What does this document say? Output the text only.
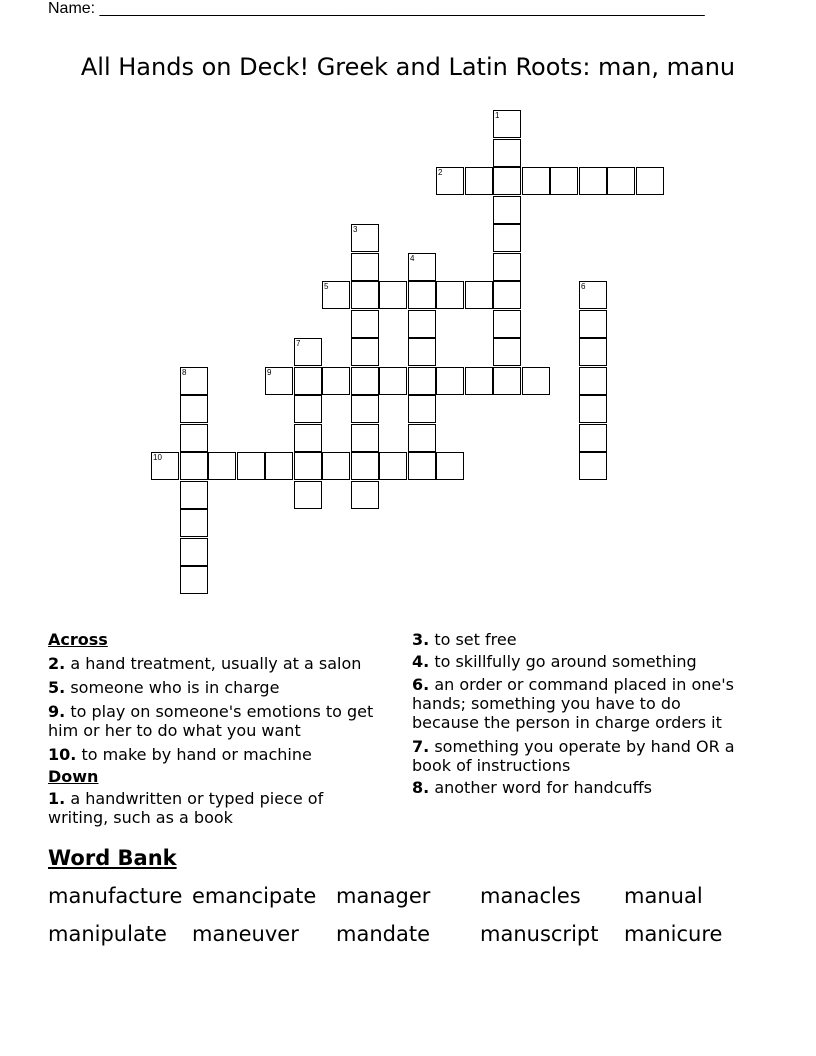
Name: ____________________________________________________________________
All Hands on Deck! Greek and Latin Roots: man, manu
1
2
3
4
5	6
7
8	9
10
Across
2. a hand treatment, usually at a salon
5. someone who is in charge
9. to play on someone's emotions to get him or her to do what you want
10. to make by hand or machine
Down
1. a handwritten or typed piece of writing, such as a book
3. to set free
4. to skillfully go around something
6. an order or command placed in one's hands; something you have to do because the person in charge orders it
7. something you operate by hand OR a book of instructions
8. another word for handcuffs
Word Bank
manufacture emancipate manager manacles manual
manipulate maneuver mandate manuscript manicure
